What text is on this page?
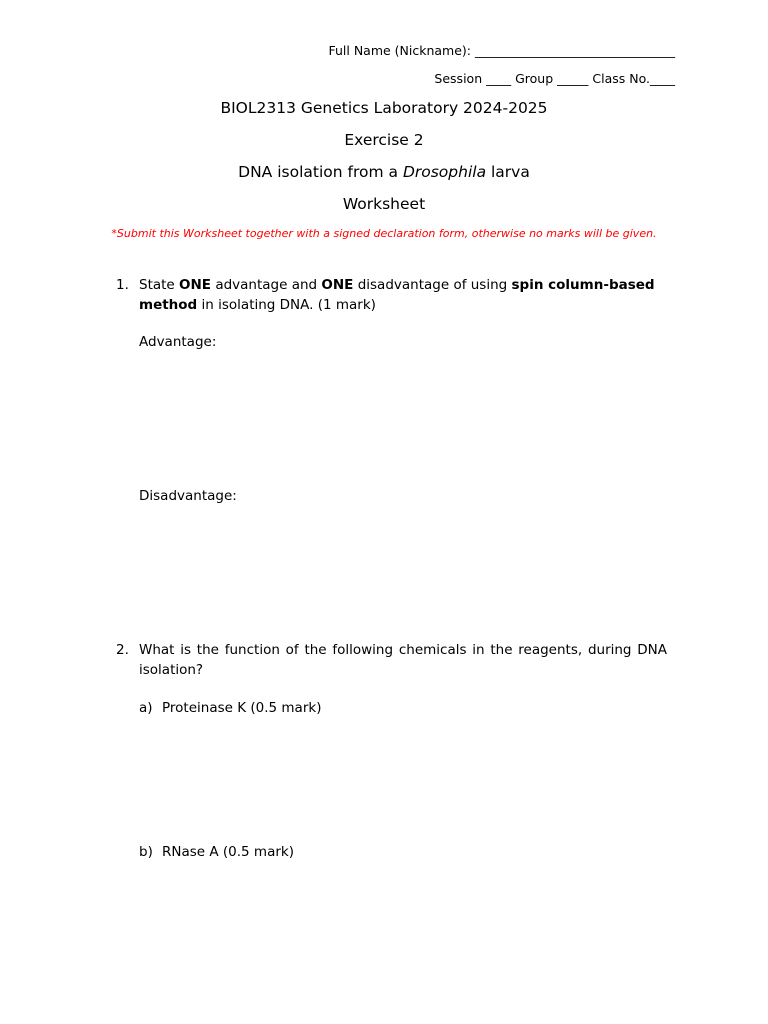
Full Name (Nickname): ________________________________
Session ____ Group _____ Class No.____
BIOL2313 Genetics Laboratory 2024-2025
Exercise 2
DNA isolation from a Drosophila larva
Worksheet
*Submit this Worksheet together with a signed declaration form, otherwise no marks will be given.
1. State ONE advantage and ONE disadvantage of using spin column-based method in isolating DNA. (1 mark)
Advantage:
Disadvantage:
2. What is the function of the following chemicals in the reagents, during DNA isolation?
a) Proteinase K (0.5 mark)
b) RNase A (0.5 mark)
